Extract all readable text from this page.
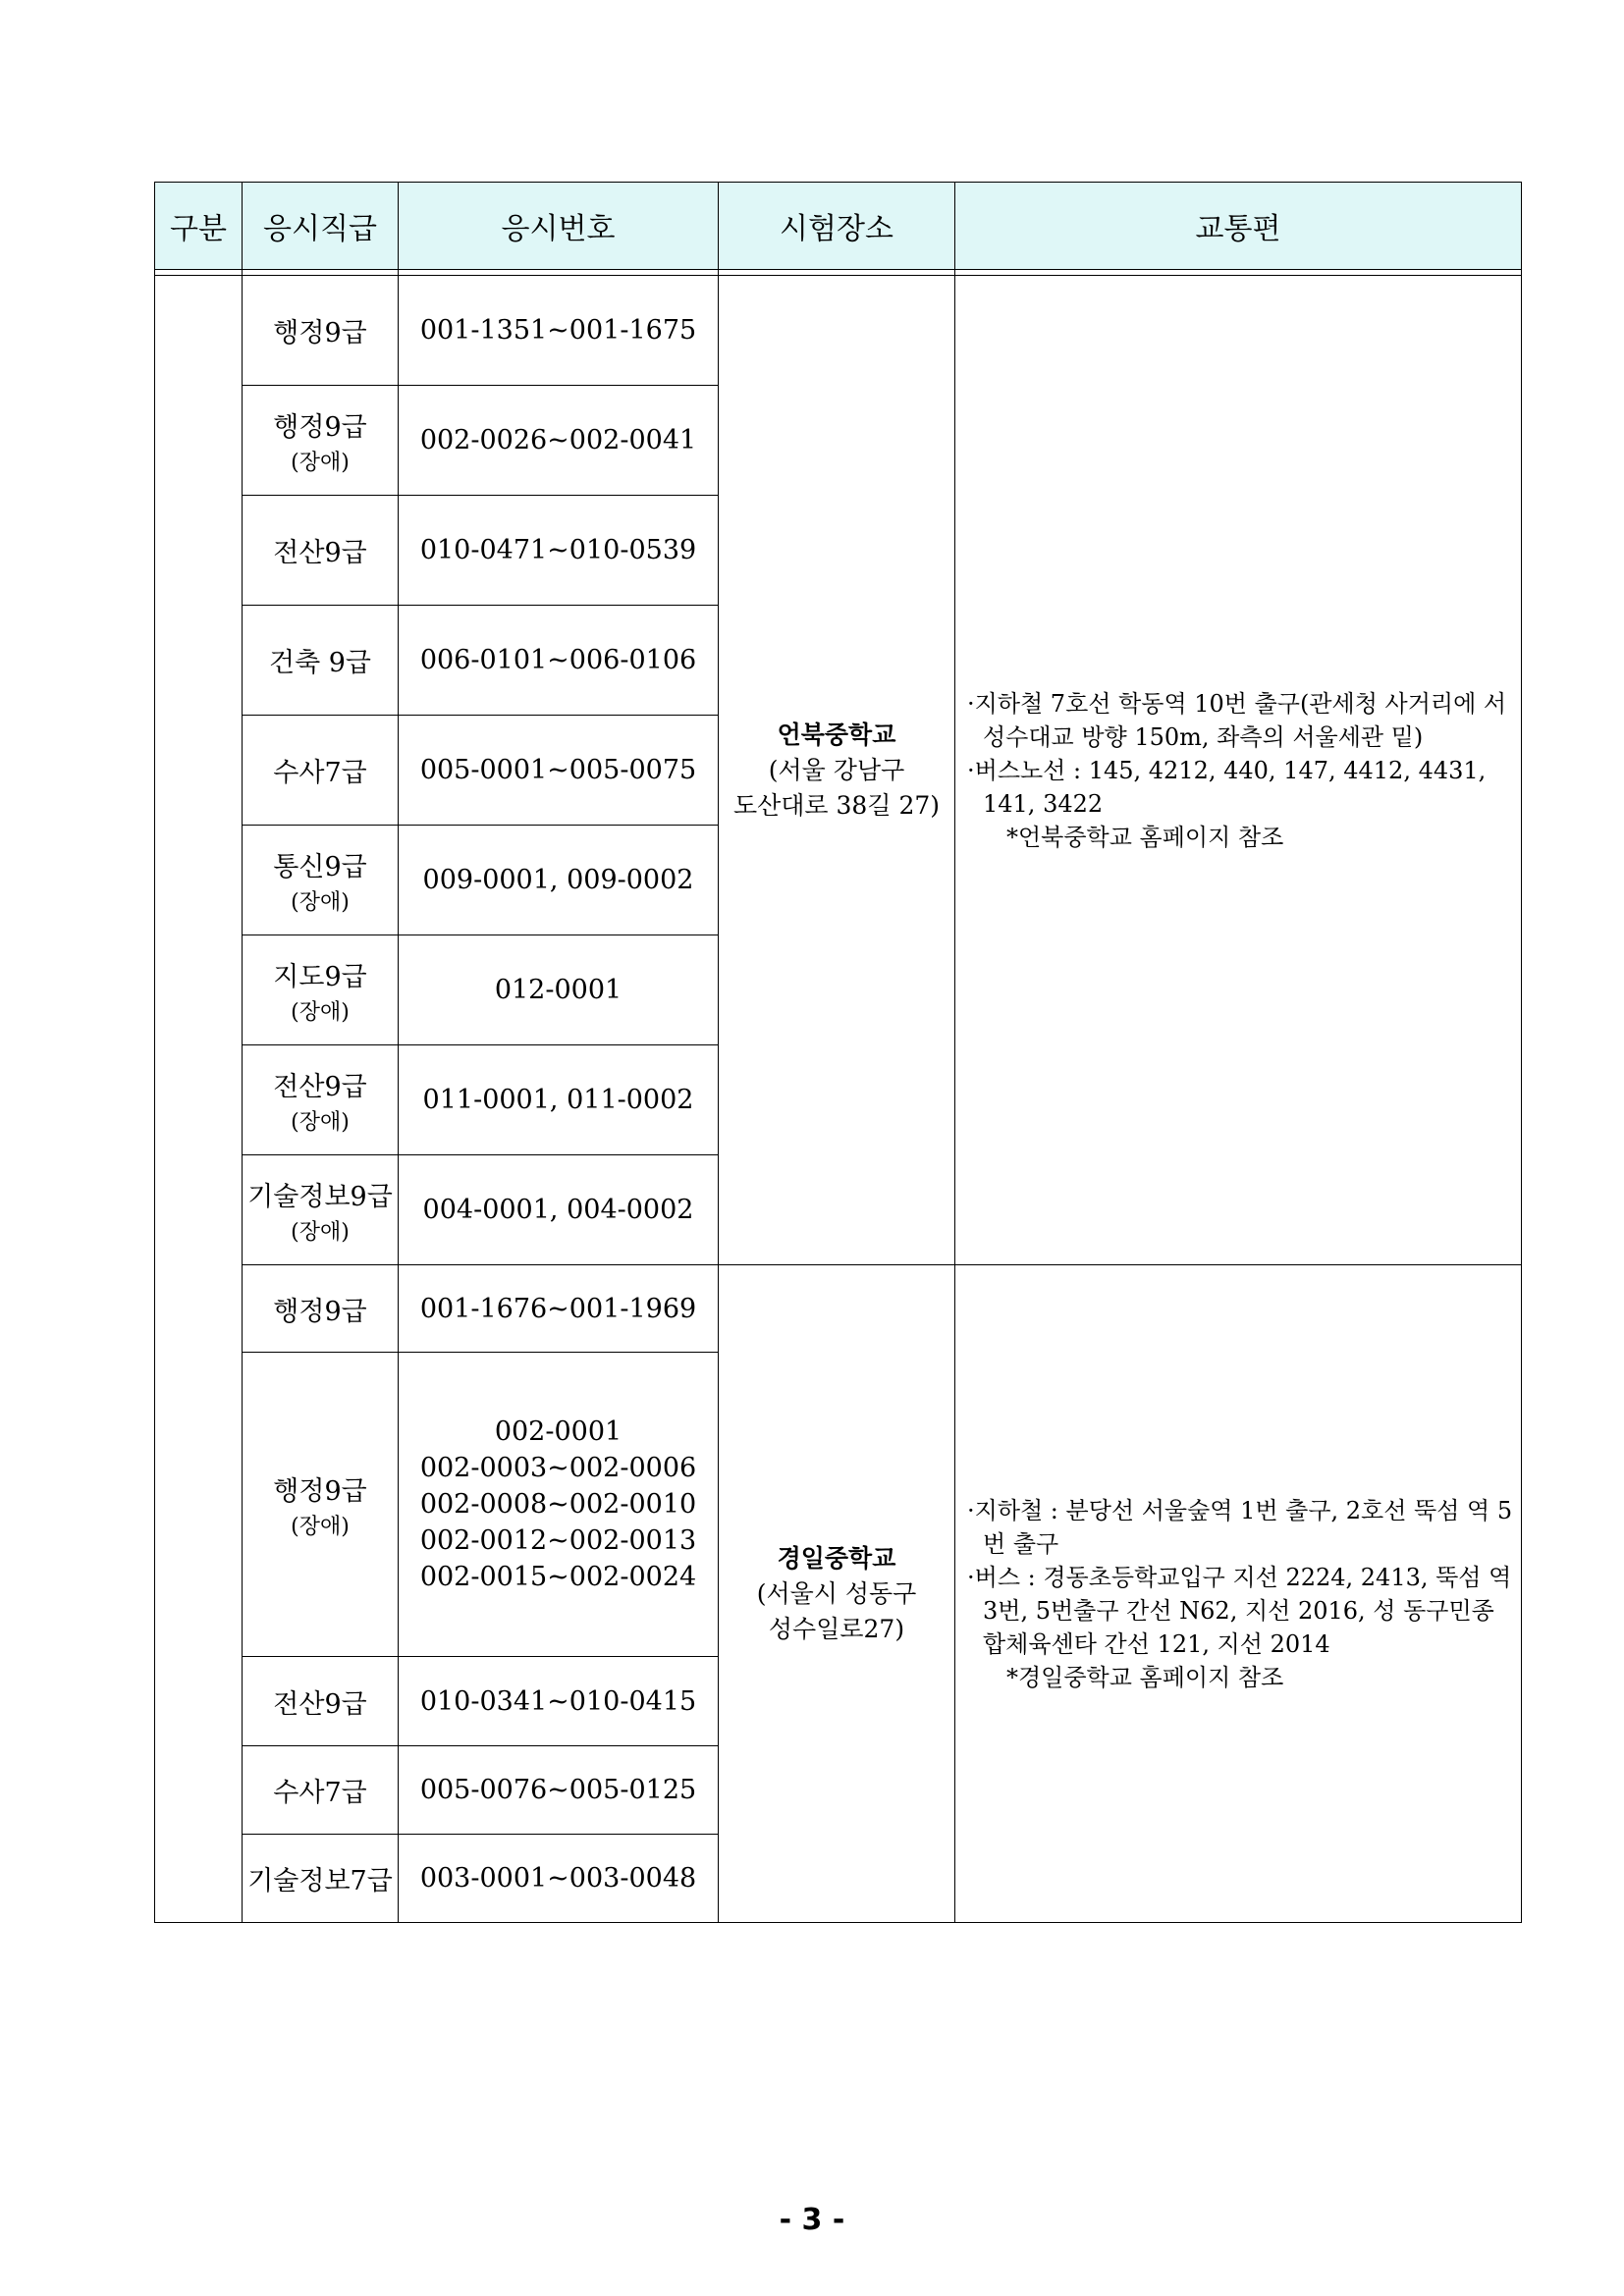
구분	응시직급	응시번호	시험장소	교통편

	행정9급	001-1351~001-1675	언북중학교
(서울 강남구
도산대로 38길 27)	·지하철 7호선 학동역 10번 출구(관세청 사거리에 서 성수대교 방향 150m, 좌측의 서울세관 밑)
·버스노선 : 145, 4212, 440, 147, 4412, 4431, 141, 3422
*언북중학교 홈페이지 참조

	행정9급
(장애)	002-0026~002-0041		

	전산9급	010-0471~010-0539		

	건축 9급	006-0101~006-0106		

	수사7급	005-0001~005-0075		

	통신9급
(장애)	009-0001, 009-0002		

	지도9급
(장애)	012-0001		

	전산9급
(장애)	011-0001, 011-0002		

	기술정보9급
(장애)	004-0001, 004-0002		

	행정9급	001-1676~001-1969	경일중학교
(서울시 성동구
성수일로27)	·지하철 : 분당선 서울숲역 1번 출구, 2호선 뚝섬 역 5번 출구
·버스 : 경동초등학교입구 지선 2224, 2413, 뚝섬 역 3번, 5번출구 간선 N62, 지선 2016, 성 동구민종합체육센타 간선 121, 지선 2014
*경일중학교 홈페이지 참조

	행정9급
(장애)	002-0001
002-0003~002-0006
002-0008~002-0010
002-0012~002-0013
002-0015~002-0024		

	전산9급	010-0341~010-0415		

	수사7급	005-0076~005-0125		

	기술정보7급	003-0001~003-0048		
- 3 -
